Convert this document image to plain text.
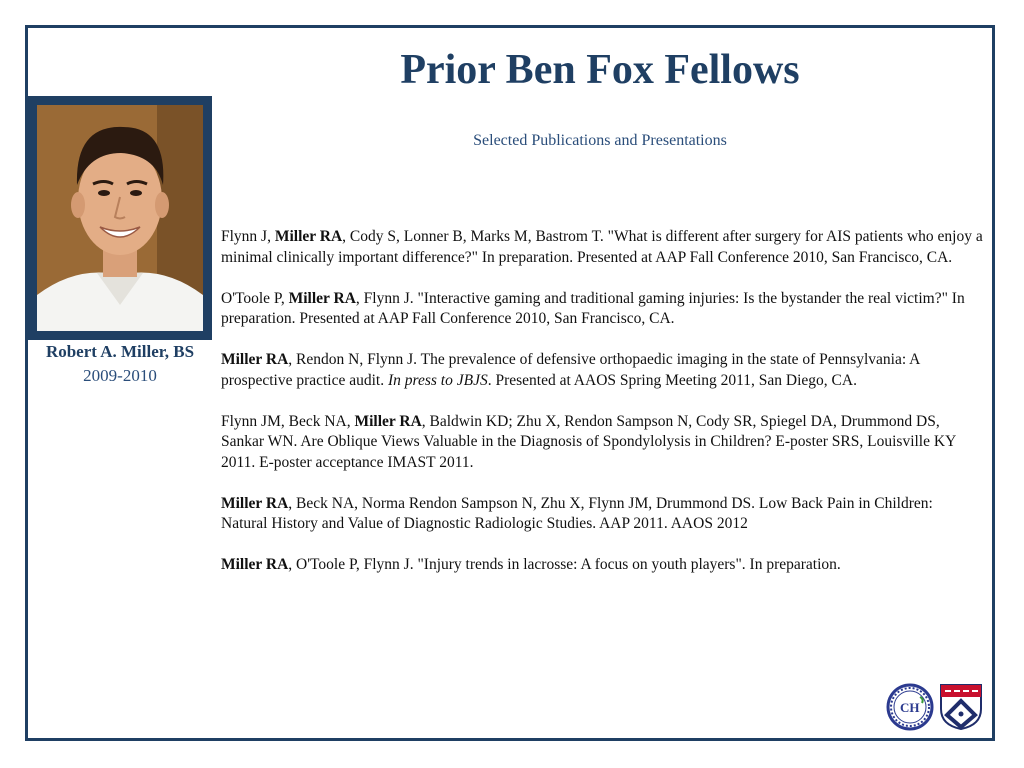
Prior Ben Fox Fellows
Selected Publications and Presentations
Robert A. Miller, BS
2009-2010

Flynn J, Miller RA, Cody S, Lonner B, Marks M, Bastrom T. "What is different after surgery for AIS patients who enjoy a minimal clinically important difference?" In preparation. Presented at AAP Fall Conference 2010, San Francisco, CA.

O'Toole P, Miller RA, Flynn J. "Interactive gaming and traditional gaming injuries: Is the bystander the real victim?" In preparation. Presented at AAP Fall Conference 2010, San Francisco, CA.

Miller RA, Rendon N, Flynn J. The prevalence of defensive orthopaedic imaging in the state of Pennsylvania: A prospective practice audit. In press to JBJS. Presented at AAOS Spring Meeting 2011, San Diego, CA.

Flynn JM, Beck NA, Miller RA, Baldwin KD; Zhu X, Rendon Sampson N, Cody SR, Spiegel DA, Drummond DS, Sankar WN. Are Oblique Views Valuable in the Diagnosis of Spondylolysis in Children? E-poster SRS, Louisville KY 2011. E-poster acceptance IMAST 2011.

Miller RA, Beck NA, Norma Rendon Sampson N, Zhu X, Flynn JM, Drummond DS. Low Back Pain in Children: Natural History and Value of Diagnostic Radiologic Studies. AAP 2011. AAOS 2012

Miller RA, O'Toole P, Flynn J. "Injury trends in lacrosse: A focus on youth players". In preparation.

CH
